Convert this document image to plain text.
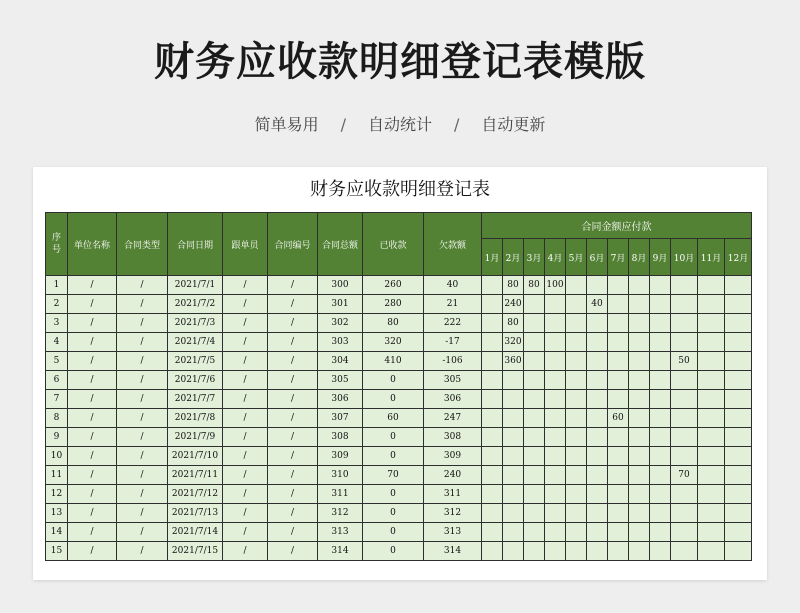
财务应收款明细登记表模版
简单易用 / 自动统计 / 自动更新
财务应收款明细登记表
序号	单位名称	合同类型	合同日期	跟单员	合同编号	合同总额	已收款	欠款额	合同金额应付款											
									1月	2月	3月	4月	5月	6月	7月	8月	9月	10月	11月	12月
1	/	/	2021/7/1	/	/	300	260	40		80	80	100								
2	/	/	2021/7/2	/	/	301	280	21		240				40						
3	/	/	2021/7/3	/	/	302	80	222		80										
4	/	/	2021/7/4	/	/	303	320	-17		320										
5	/	/	2021/7/5	/	/	304	410	-106		360								50		
6	/	/	2021/7/6	/	/	305	0	305												
7	/	/	2021/7/7	/	/	306	0	306												
8	/	/	2021/7/8	/	/	307	60	247							60					
9	/	/	2021/7/9	/	/	308	0	308												
10	/	/	2021/7/10	/	/	309	0	309												
11	/	/	2021/7/11	/	/	310	70	240										70		
12	/	/	2021/7/12	/	/	311	0	311												
13	/	/	2021/7/13	/	/	312	0	312												
14	/	/	2021/7/14	/	/	313	0	313												
15	/	/	2021/7/15	/	/	314	0	314												
